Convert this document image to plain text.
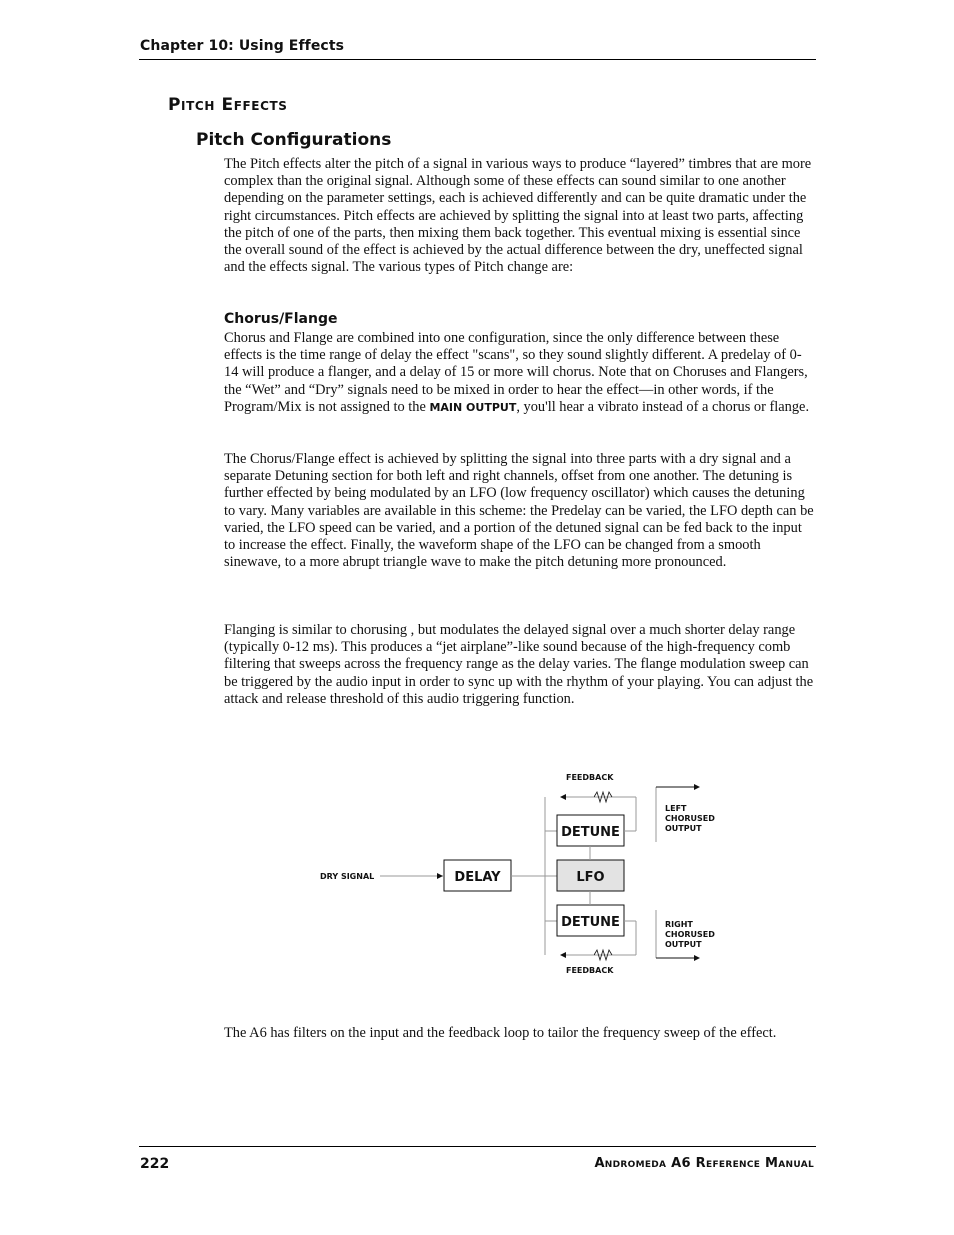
Chapter 10: Using Effects
Pitch Effects
Pitch Configurations

The Pitch effects alter the pitch of a signal in various ways to produce “layered” timbres that are more complex than the original signal. Although some of these effects can sound similar to one another depending on the parameter settings, each is achieved differently and can be quite dramatic under the right circumstances. Pitch effects are achieved by splitting the signal into at least two parts, affecting the pitch of one of the parts, then mixing them back together. This eventual mixing is essential since the overall sound of the effect is achieved by the actual difference between the dry, uneffected signal and the effects signal. The various types of Pitch change are:

Chorus/Flange

Chorus and Flange are combined into one configuration, since the only difference between these effects is the time range of delay the effect "scans", so they sound slightly different. A predelay of 0-14 will produce a flanger, and a delay of 15 or more will chorus. Note that on Choruses and Flangers, the “Wet” and “Dry” signals need to be mixed in order to hear the effect—in other words, if the Program/Mix is not assigned to the MAIN OUTPUT, you'll hear a vibrato instead of a chorus or flange.

The Chorus/Flange effect is achieved by splitting the signal into three parts with a dry signal and a separate Detuning section for both left and right channels, offset from one another. The detuning is further effected by being modulated by an LFO (low frequency oscillator) which causes the detuning to vary. Many variables are available in this scheme: the Predelay can be varied, the LFO depth can be varied, the LFO speed can be varied, and a portion of the detuned signal can be fed back to the input to increase the effect. Finally, the waveform shape of the LFO can be changed from a smooth sinewave, to a more abrupt triangle wave to make the pitch detuning more pronounced.

Flanging is similar to chorusing , but modulates the delayed signal over a much shorter delay range (typically 0-12 ms). This produces a “jet airplane”-like sound because of the high-frequency comb filtering that sweeps across the frequency range as the delay varies. The flange modulation sweep can be triggered by the audio input in order to sync up with the rhythm of your playing. You can adjust the attack and release threshold of this audio triggering function.

FEEDBACK
FEEDBACK
DRY SIGNAL
LEFT
CHORUSED
OUTPUT
RIGHT
CHORUSED
OUTPUT
DELAY
DETUNE
LFO
DETUNE

The A6 has filters on the input and the feedback loop to tailor the frequency sweep of the effect.

222	Andromeda A6 Reference Manual
